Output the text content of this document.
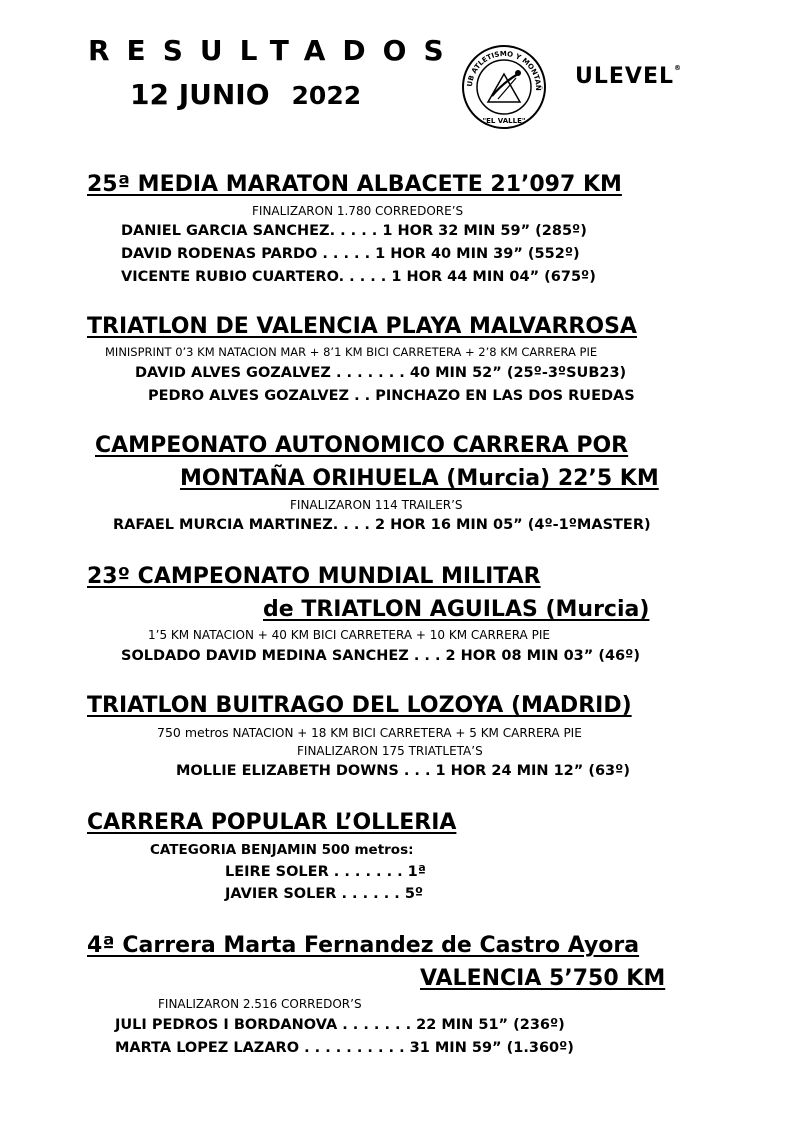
RESULTADOS
12 JUNIO 2022	UB ATLETISMO Y MONTAÑ
"EL VALLE"
ULEVEL®
25ª MEDIA MARATON ALBACETE 21’097 KM
FINALIZARON 1.780 CORREDORE’S
DANIEL GARCIA SANCHEZ. . . . . 1 HOR 32 MIN 59” (285º)
DAVID RODENAS PARDO . . . . . 1 HOR 40 MIN 39” (552º)
VICENTE RUBIO CUARTERO. . . . . 1 HOR 44 MIN 04” (675º)
TRIATLON DE VALENCIA PLAYA MALVARROSA
MINISPRINT 0’3 KM NATACION MAR + 8’1 KM BICI CARRETERA + 2’8 KM CARRERA PIE
DAVID ALVES GOZALVEZ . . . . . . . 40 MIN 52” (25º-3ºSUB23)
PEDRO ALVES GOZALVEZ . . PINCHAZO EN LAS DOS RUEDAS
CAMPEONATO AUTONOMICO CARRERA POR
MONTAÑA ORIHUELA (Murcia) 22’5 KM
FINALIZARON 114 TRAILER’S
RAFAEL MURCIA MARTINEZ. . . . 2 HOR 16 MIN 05” (4º-1ºMASTER)
23º CAMPEONATO MUNDIAL MILITAR
de TRIATLON AGUILAS (Murcia)
1’5 KM NATACION + 40 KM BICI CARRETERA + 10 KM CARRERA PIE
SOLDADO DAVID MEDINA SANCHEZ . . . 2 HOR 08 MIN 03” (46º)
TRIATLON BUITRAGO DEL LOZOYA (MADRID)
750 metros NATACION + 18 KM BICI CARRETERA + 5 KM CARRERA PIE
FINALIZARON 175 TRIATLETA’S
MOLLIE ELIZABETH DOWNS . . . 1 HOR 24 MIN 12” (63º)
CARRERA POPULAR L’OLLERIA
CATEGORIA BENJAMIN 500 metros:
LEIRE SOLER . . . . . . . 1ª
JAVIER SOLER . . . . . . 5º
4ª Carrera Marta Fernandez de Castro Ayora
VALENCIA 5’750 KM
FINALIZARON 2.516 CORREDOR’S
JULI PEDROS I BORDANOVA . . . . . . . 22 MIN 51” (236º)
MARTA LOPEZ LAZARO . . . . . . . . . . 31 MIN 59” (1.360º)
